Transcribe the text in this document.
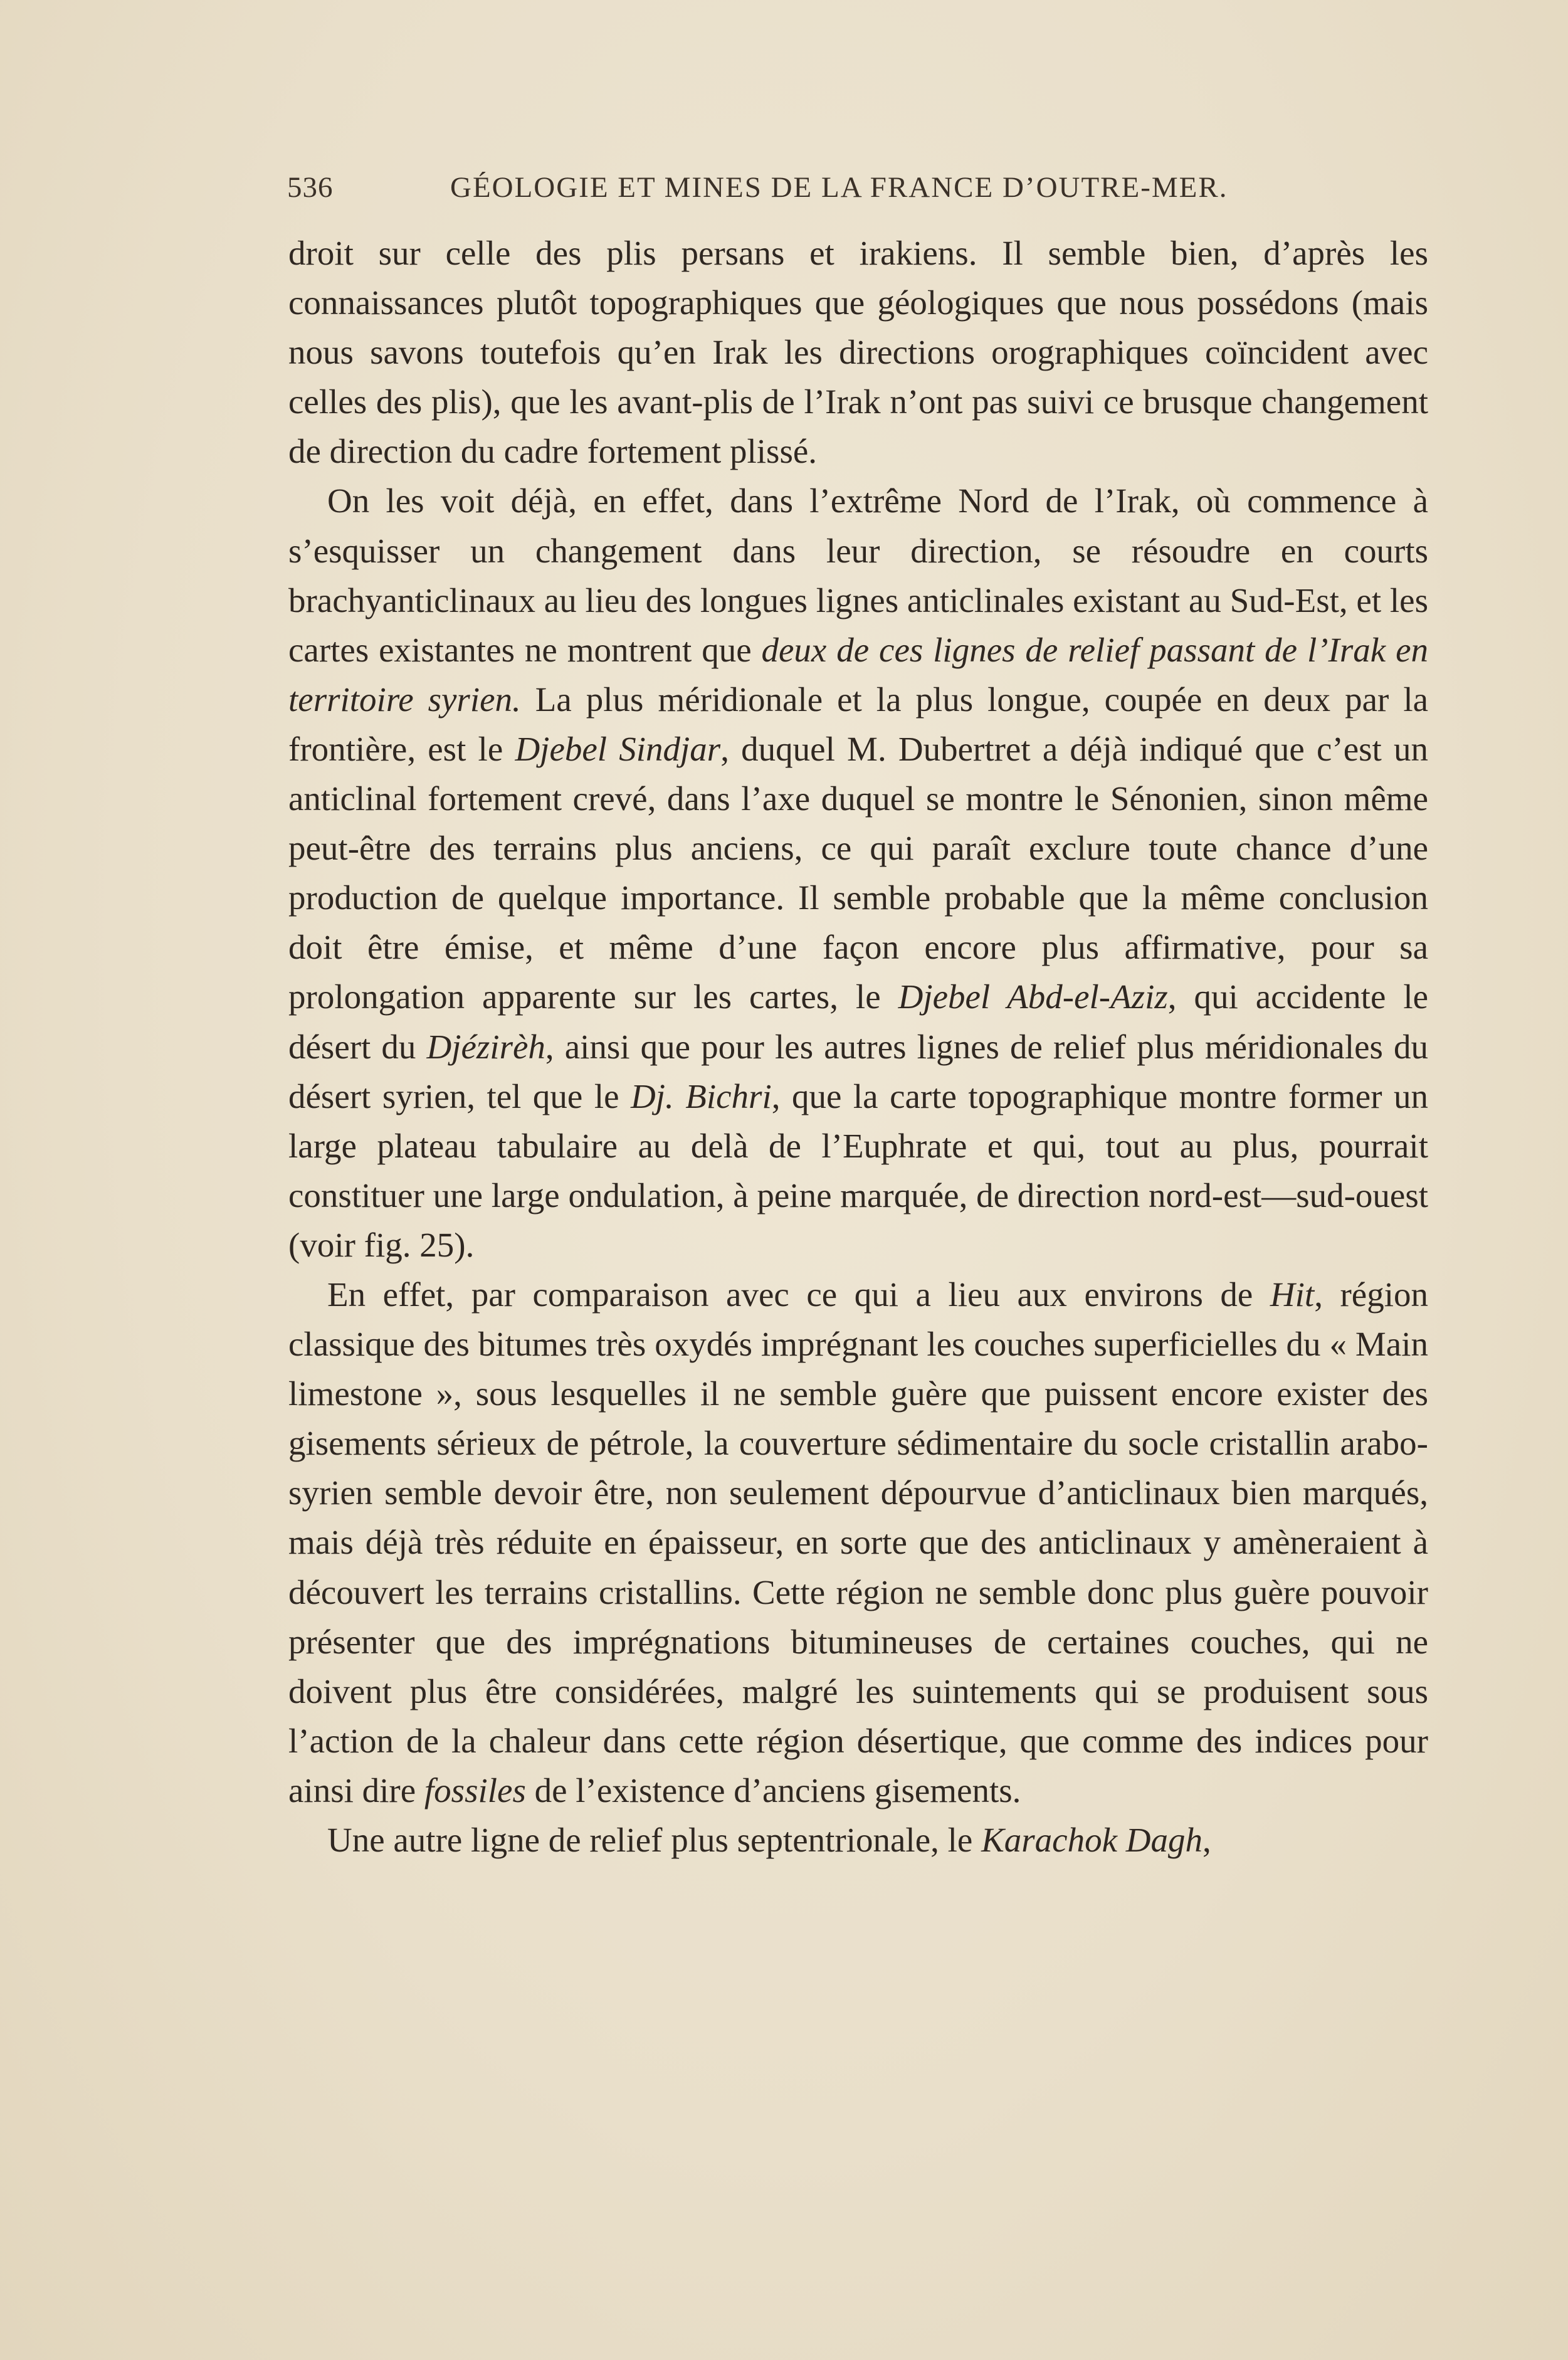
536	GÉOLOGIE ET MINES DE LA FRANCE D’OUTRE-MER.

droit sur celle des plis persans et irakiens. Il semble bien, d’après les connaissances plutôt topographiques que géologiques que nous possédons (mais nous savons toutefois qu’en Irak les directions orographiques coïncident avec celles des plis), que les avant-plis de l’Irak n’ont pas suivi ce brusque changement de direction du cadre fortement plissé.

On les voit déjà, en effet, dans l’extrême Nord de l’Irak, où commence à s’esquisser un changement dans leur direction, se résoudre en courts brachyanticlinaux au lieu des longues lignes anticlinales existant au Sud-Est, et les cartes existantes ne montrent que deux de ces lignes de relief passant de l’Irak en territoire syrien. La plus méridionale et la plus longue, coupée en deux par la frontière, est le Djebel Sindjar, duquel M. Dubertret a déjà indiqué que c’est un anticlinal fortement crevé, dans l’axe duquel se montre le Sénonien, sinon même peut-être des terrains plus anciens, ce qui paraît exclure toute chance d’une production de quelque importance. Il semble probable que la même conclusion doit être émise, et même d’une façon encore plus affirmative, pour sa prolongation apparente sur les cartes, le Djebel Abd-el-Aziz, qui accidente le désert du Djézirèh, ainsi que pour les autres lignes de relief plus méridionales du désert syrien, tel que le Dj. Bichri, que la carte topographique montre former un large plateau tabulaire au delà de l’Euphrate et qui, tout au plus, pourrait constituer une large ondulation, à peine marquée, de direction nord-est—sud-ouest (voir fig. 25).

En effet, par comparaison avec ce qui a lieu aux environs de Hit, région classique des bitumes très oxydés imprégnant les couches superficielles du « Main limestone », sous lesquelles il ne semble guère que puissent encore exister des gisements sérieux de pétrole, la couverture sédimentaire du socle cristallin arabo-syrien semble devoir être, non seulement dépourvue d’anticlinaux bien marqués, mais déjà très réduite en épaisseur, en sorte que des anticlinaux y amèneraient à découvert les terrains cristallins. Cette région ne semble donc plus guère pouvoir présenter que des imprégnations bitumineuses de certaines couches, qui ne doivent plus être considérées, malgré les suintements qui se produisent sous l’action de la chaleur dans cette région désertique, que comme des indices pour ainsi dire fossiles de l’existence d’anciens gisements.

Une autre ligne de relief plus septentrionale, le Karachok Dagh,
